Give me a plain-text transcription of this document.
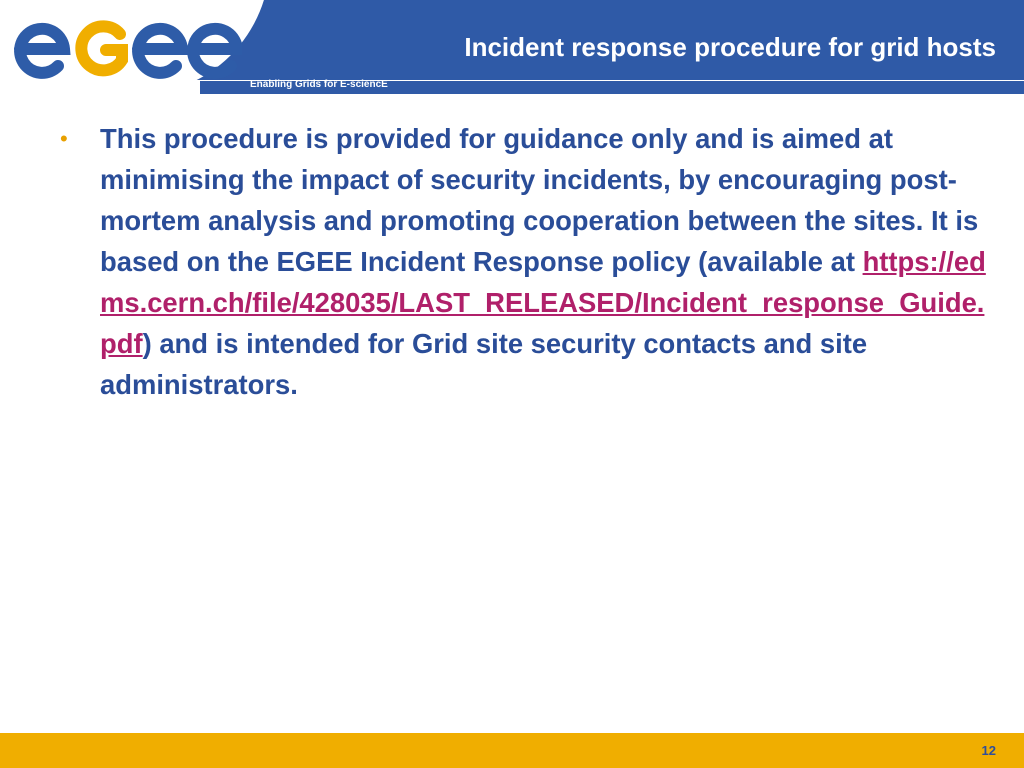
Enabling Grids for E-sciencE
Incident response procedure for grid hosts
•	This procedure is provided for guidance only and is aimed at minimising the impact of security incidents, by encouraging post-mortem analysis and promoting cooperation between the sites. It is based on the EGEE Incident Response policy (available at https://edms.cern.ch/file/428035/LAST_RELEASED/Incident_response_Guide.pdf) and is intended for Grid site security contacts and site administrators.

12
